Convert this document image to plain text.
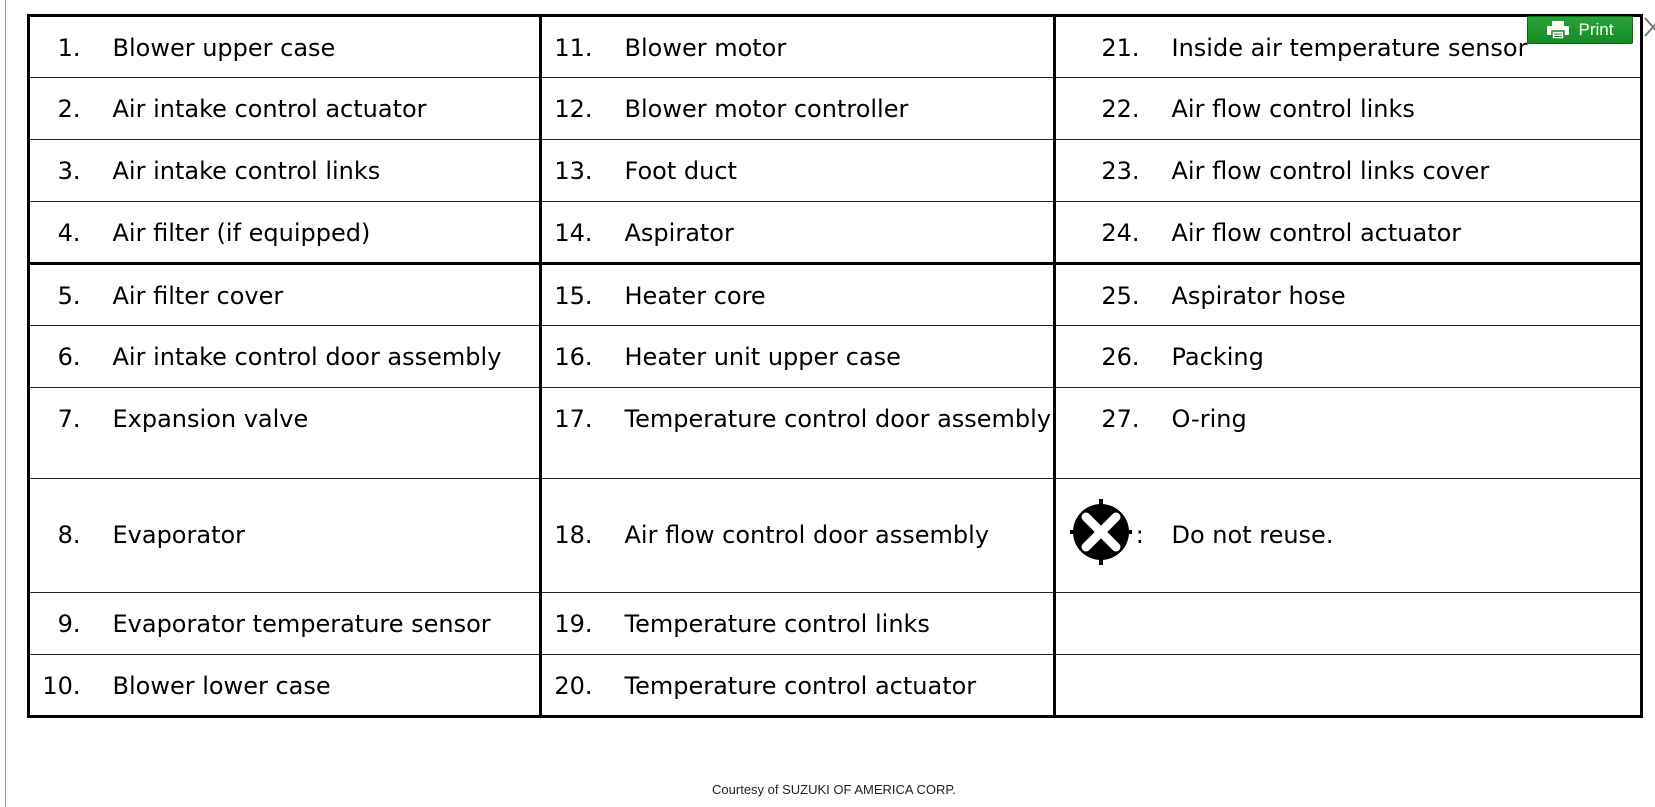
1.	Blower upper case	11.	Blower motor	21.	Inside air temperature sensor
2.	Air intake control actuator	12.	Blower motor controller	22.	Air flow control links
3.	Air intake control links	13.	Foot duct	23.	Air flow control links cover
4.	Air filter (if equipped)	14.	Aspirator	24.	Air flow control actuator
5.	Air filter cover	15.	Heater core	25.	Aspirator hose
6.	Air intake control door assembly	16.	Heater unit upper case	26.	Packing
7.	Expansion valve	17.	Temperature control door assembly	27.	O-ring
8.	Evaporator	18.	Air flow control door assembly	:	Do not reuse.
9.	Evaporator temperature sensor	19.	Temperature control links		
10.	Blower lower case	20.	Temperature control actuator		
Print
Courtesy of SUZUKI OF AMERICA CORP.
